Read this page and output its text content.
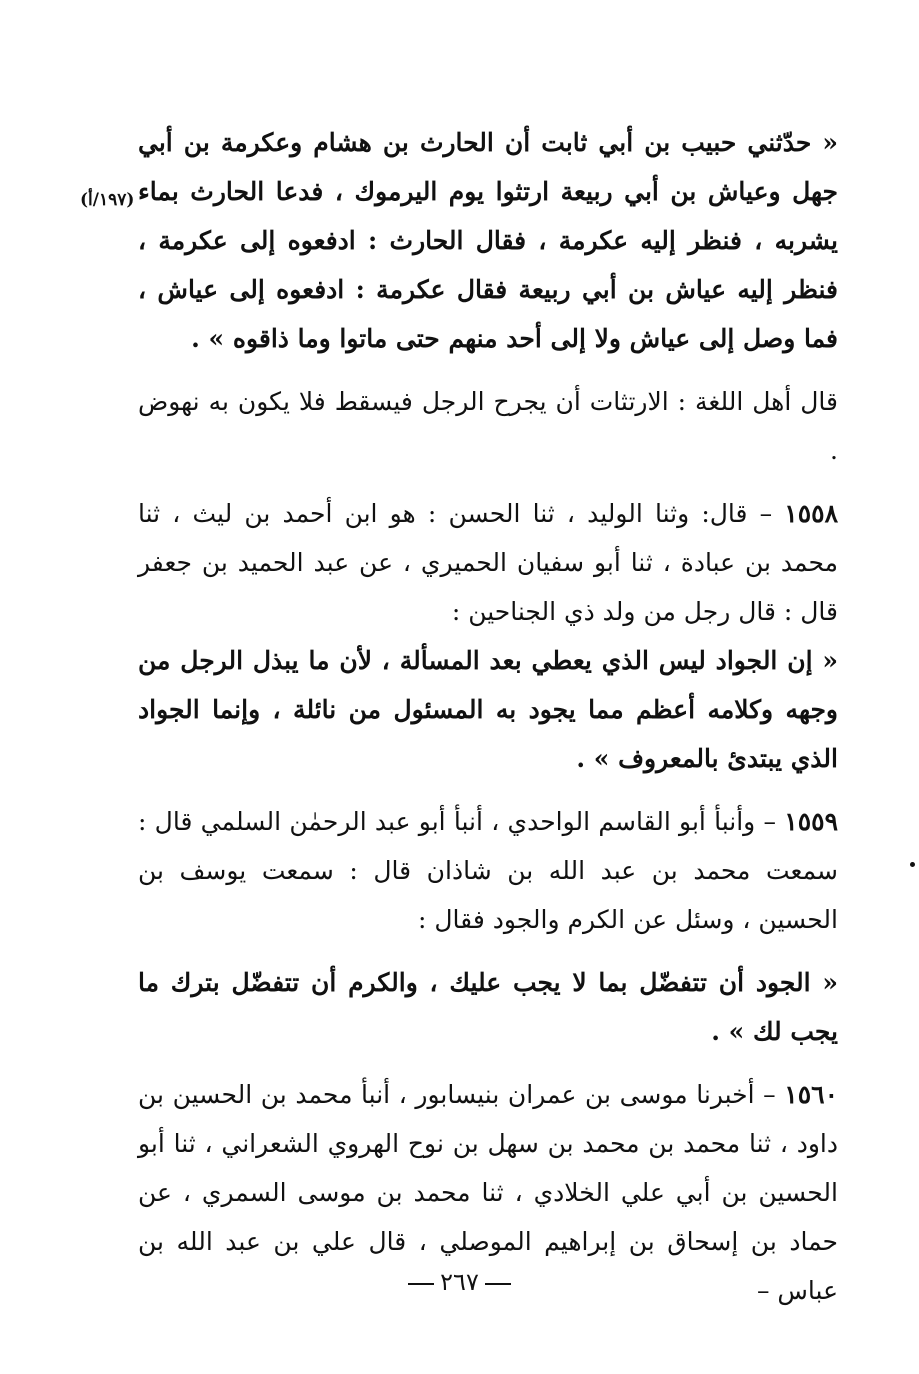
(١٩٧/أ)

« حدّثني حبيب بن أبي ثابت أن الحارث بن هشام وعكرمة بن أبي جهل وعياش بن أبي ربيعة ارتثوا يوم اليرموك ، فدعا الحارث بماء يشربه ، فنظر إليه عكرمة ، فقال الحارث : ادفعوه إلى عكرمة ، فنظر إليه عياش بن أبي ربيعة فقال عكرمة : ادفعوه إلى عياش ، فما وصل إلى عياش ولا إلى أحد منهم حتى ماتوا وما ذاقوه » .

قال أهل اللغة : الارتثات أن يجرح الرجل فيسقط فلا يكون به نهوض .

١٥٥٨ – قال: وثنا الوليد ، ثنا الحسن : هو ابن أحمد بن ليث ، ثنا محمد بن عبادة ، ثنا أبو سفيان الحميري ، عن عبد الحميد بن جعفر قال : قال رجل من ولد ذي الجناحين :

« إن الجواد ليس الذي يعطي بعد المسألة ، لأن ما يبذل الرجل من وجهه وكلامه أعظم مما يجود به المسئول من نائلة ، وإنما الجواد الذي يبتدئ بالمعروف » .

١٥٥٩ – وأنبأ أبو القاسم الواحدي ، أنبأ أبو عبد الرحمٰن السلمي قال : سمعت محمد بن عبد الله بن شاذان قال : سمعت يوسف بن الحسين ، وسئل عن الكرم والجود فقال :

« الجود أن تتفضّل بما لا يجب عليك ، والكرم أن تتفضّل بترك ما يجب لك » .

١٥٦٠ – أخبرنا موسى بن عمران بنيسابور ، أنبأ محمد بن الحسين بن داود ، ثنا محمد بن محمد بن سهل بن نوح الهروي الشعراني ، ثنا أبو الحسين بن أبي علي الخلادي ، ثنا محمد بن موسى السمري ، عن حماد بن إسحاق بن إبراهيم الموصلي ، قال علي بن عبد الله بن عباس –

٢٦٧
